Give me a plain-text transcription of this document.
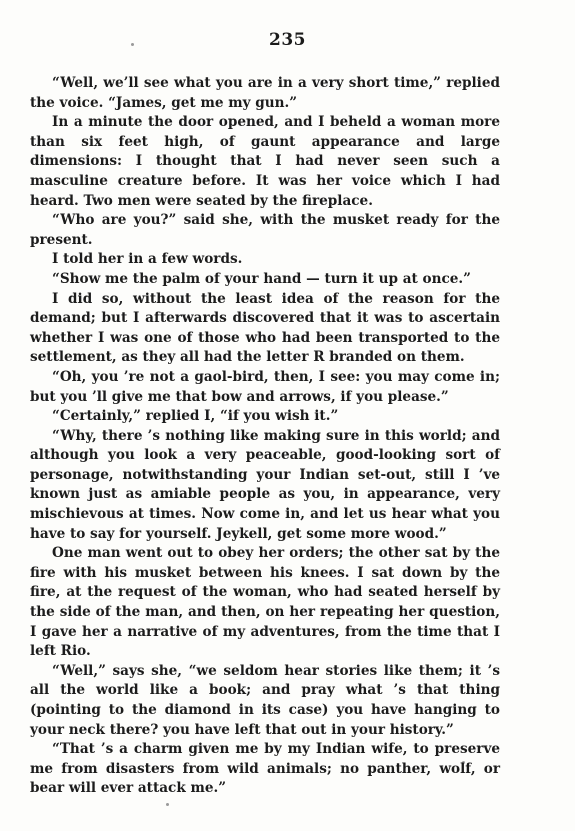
235

“Well, we’ll see what you are in a very short time,” replied the voice. “James, get me my gun.”

In a minute the door opened, and I beheld a woman more than six feet high, of gaunt appearance and large dimensions: I thought that I had never seen such a masculine creature before. It was her voice which I had heard. Two men were seated by the fireplace.

“Who are you?” said she, with the musket ready for the present.

I told her in a few words.

“Show me the palm of your hand — turn it up at once.”

I did so, without the least idea of the reason for the demand; but I afterwards discovered that it was to ascertain whether I was one of those who had been transported to the settlement, as they all had the letter R branded on them.

“Oh, you ’re not a gaol-bird, then, I see: you may come in; but you ’ll give me that bow and arrows, if you please.”

“Certainly,” replied I, “if you wish it.”

“Why, there ’s nothing like making sure in this world; and although you look a very peaceable, good-looking sort of personage, notwithstanding your Indian set-out, still I ’ve known just as amiable people as you, in appearance, very mischievous at times. Now come in, and let us hear what you have to say for yourself. Jeykell, get some more wood.”

One man went out to obey her orders; the other sat by the fire with his musket between his knees. I sat down by the fire, at the request of the woman, who had seated herself by the side of the man, and then, on her repeating her question, I gave her a narrative of my adventures, from the time that I left Rio.

“Well,” says she, “we seldom hear stories like them; it ’s all the world like a book; and pray what ’s that thing (pointing to the diamond in its case) you have hanging to your neck there? you have left that out in your history.”

“That ’s a charm given me by my Indian wife, to preserve me from disasters from wild animals; no panther, wolf, or bear will ever attack me.”
